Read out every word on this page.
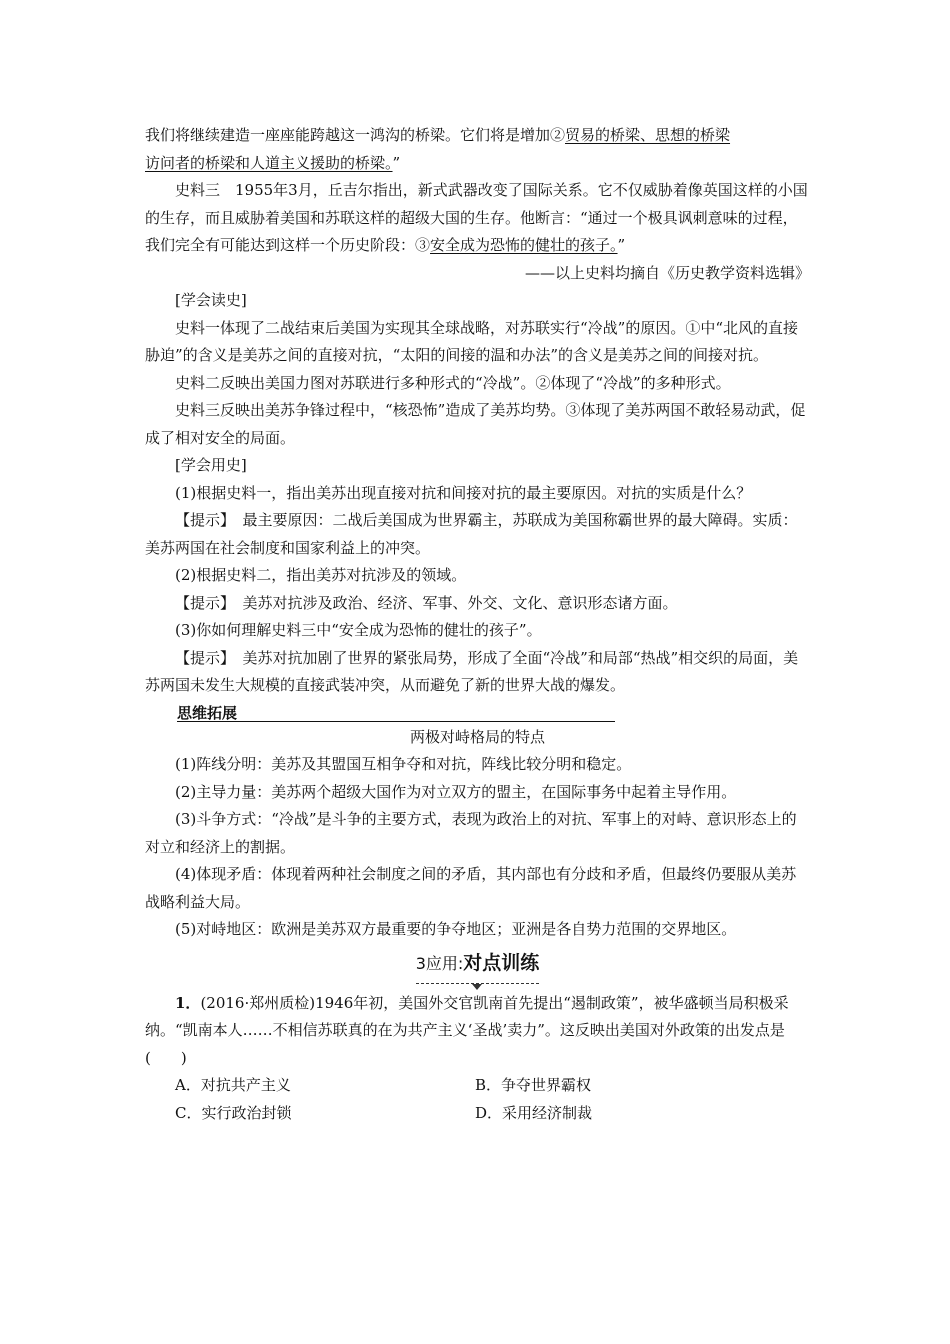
我们将继续建造一座座能跨越这一鸿沟的桥梁。它们将是增加②贸易的桥梁、思想的桥梁
访问者的桥梁和人道主义援助的桥梁。”

史料三　1955年3月，丘吉尔指出，新式武器改变了国际关系。它不仅威胁着像英国这样的小国的生存，而且威胁着美国和苏联这样的超级大国的生存。他断言：“通过一个极具讽刺意味的过程，我们完全有可能达到这样一个历史阶段：③安全成为恐怖的健壮的孩子。”

——以上史料均摘自《历史教学资料选辑》

[学会读史]

史料一体现了二战结束后美国为实现其全球战略，对苏联实行“冷战”的原因。①中“北风的直接胁迫”的含义是美苏之间的直接对抗，“太阳的间接的温和办法”的含义是美苏之间的间接对抗。

史料二反映出美国力图对苏联进行多种形式的“冷战”。②体现了“冷战”的多种形式。

史料三反映出美苏争锋过程中，“核恐怖”造成了美苏均势。③体现了美苏两国不敢轻易动武，促成了相对安全的局面。

[学会用史]

(1)根据史料一，指出美苏出现直接对抗和间接对抗的最主要原因。对抗的实质是什么？

【提示】　最主要原因：二战后美国成为世界霸主，苏联成为美国称霸世界的最大障碍。实质：美苏两国在社会制度和国家利益上的冲突。

(2)根据史料二，指出美苏对抗涉及的领域。

【提示】　美苏对抗涉及政治、经济、军事、外交、文化、意识形态诸方面。

(3)你如何理解史料三中“安全成为恐怖的健壮的孩子”。

【提示】　美苏对抗加剧了世界的紧张局势，形成了全面“冷战”和局部“热战”相交织的局面，美苏两国未发生大规模的直接武装冲突，从而避免了新的世界大战的爆发。

思维拓展

两极对峙格局的特点

(1)阵线分明：美苏及其盟国互相争夺和对抗，阵线比较分明和稳定。

(2)主导力量：美苏两个超级大国作为对立双方的盟主，在国际事务中起着主导作用。

(3)斗争方式：“冷战”是斗争的主要方式，表现为政治上的对抗、军事上的对峙、意识形态上的对立和经济上的割据。

(4)体现矛盾：体现着两种社会制度之间的矛盾，其内部也有分歧和矛盾，但最终仍要服从美苏战略利益大局。

(5)对峙地区：欧洲是美苏双方最重要的争夺地区；亚洲是各自势力范围的交界地区。

3应用:对点训练

1．(2016·郑州质检)1946年初，美国外交官凯南首先提出“遏制政策”，被华盛顿当局积极采纳。“凯南本人……不相信苏联真的在为共产主义‘圣战’卖力”。这反映出美国对外政策的出发点是(　　)

A．对抗共产主义	B．争夺世界霸权
C．实行政治封锁	D．采用经济制裁
